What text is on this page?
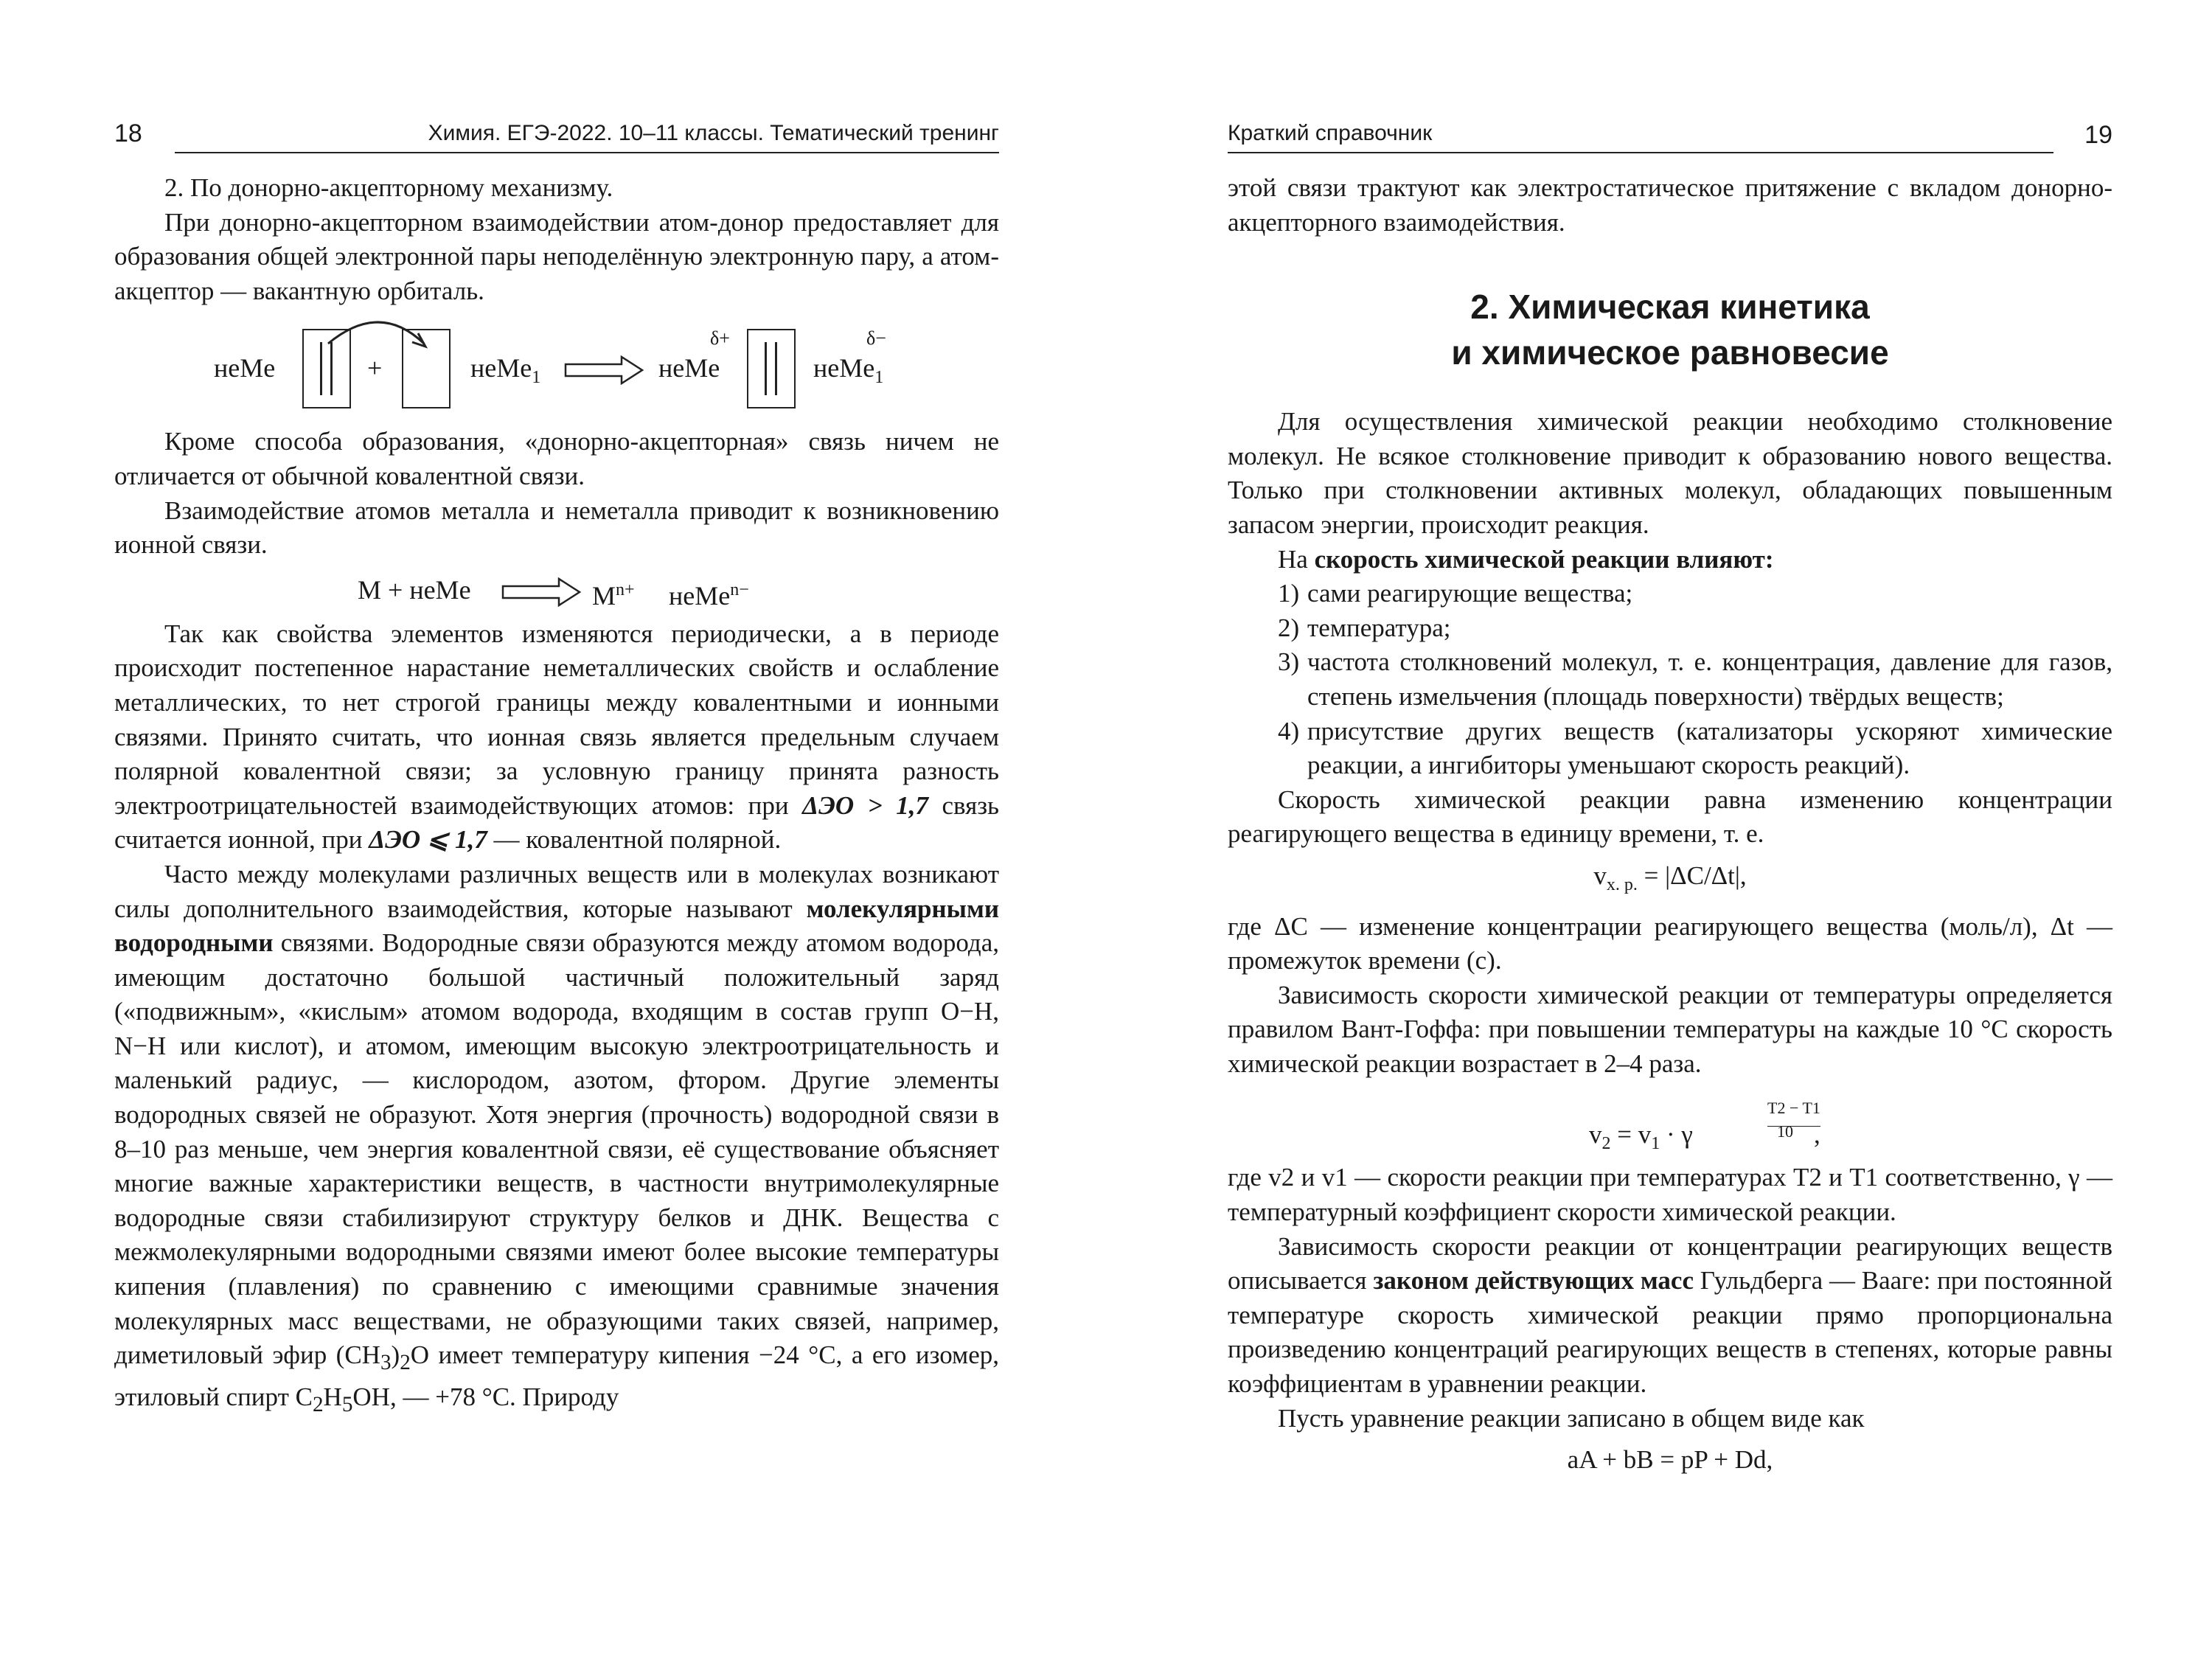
18	Химия. ЕГЭ-2022. 10–11 классы. Тематический тренинг

2. По донорно-акцепторному механизму.

При донорно-акцепторном взаимодействии атом-донор предоставляет для образования общей электронной пары неподелённую электронную пару, а атом-акцептор — вакантную орбиталь.

неMe	+	неMe$_1$
δ+
неMe
δ−
неMe$_1$

Кроме способа образования, «донорно-акцепторная» связь ничем не отличается от обычной ковалентной связи.

Взаимодействие атомов металла и неметалла приводит к возникновению ионной связи.

M + неMe	$M^{n+}$ неMe$^{n-}$

Так как свойства элементов изменяются периодически, а в периоде происходит постепенное нарастание неметаллических свойств и ослабление металлических, то нет строгой границы между ковалентными и ионными связями. Принято считать, что ионная связь является предельным случаем полярной ковалентной связи; за условную границу принята разность электроотрицательностей взаимодействующих атомов: при ΔЭО > 1,7 связь считается ионной, при ΔЭО ⩽ 1,7 — ковалентной полярной.

Часто между молекулами различных веществ или в молекулах возникают силы дополнительного взаимодействия, которые называют молекулярными водородными связями. Водородные связи образуются между атомом водорода, имеющим достаточно большой частичный положительный заряд («подвижным», «кислым» атомом водорода, входящим в состав групп O−H, N−H или кислот), и атомом, имеющим высокую электроотрицательность и маленький радиус, — кислородом, азотом, фтором. Другие элементы водородных связей не образуют. Хотя энергия (прочность) водородной связи в 8–10 раз меньше, чем энергия ковалентной связи, её существование объясняет многие важные характеристики веществ, в частности внутримолекулярные водородные связи стабилизируют структуру белков и ДНК. Вещества с межмолекулярными водородными связями имеют более высокие температуры кипения (плавления) по сравнению с имеющими сравнимые значения молекулярных масс веществами, не образующими таких связей, например, диметиловый эфир $(CH_3)_2O$ имеет температуру кипения −24 °C, а его изомер, этиловый спирт $C_2H_5OH$, — +78 °C. Природу

Краткий справочник	19

этой связи трактуют как электростатическое притяжение с вкладом донорно-акцепторного взаимодействия.

2. Химическая кинетика
и химическое равновесие

Для осуществления химической реакции необходимо столкновение молекул. Не всякое столкновение приводит к образованию нового вещества. Только при столкновении активных молекул, обладающих повышенным запасом энергии, происходит реакция.

На скорость химической реакции влияют:

1) сами реагирующие вещества;
2) температура;
3) частота столкновений молекул, т. е. концентрация, давление для газов, степень измельчения (площадь поверхности) твёрдых веществ;
4) присутствие других веществ (катализаторы ускоряют химические реакции, а ингибиторы уменьшают скорость реакций).

Скорость химической реакции равна изменению концентрации реагирующего вещества в единицу времени, т. е.

$v_{х. р.} = |\Delta C/\Delta t|$,

где ΔC — изменение концентрации реагирующего вещества (моль/л), Δt — промежуток времени (с).

Зависимость скорости химической реакции от температуры определяется правилом Вант-Гоффа: при повышении температуры на каждые 10 °C скорость химической реакции возрастает в 2–4 раза.

$v_2 = v_1 \cdot \gamma$
T2 − T1
10 ,

где v2 и v1 — скорости реакции при температурах T2 и T1 соответственно, γ — температурный коэффициент скорости химической реакции.

Зависимость скорости реакции от концентрации реагирующих веществ описывается законом действующих масс Гульдберга — Вааге: при постоянной температуре скорость химической реакции прямо пропорциональна произведению концентраций реагирующих веществ в степенях, которые равны коэффициентам в уравнении реакции.

Пусть уравнение реакции записано в общем виде как

aA + bB = pP + Dd,
